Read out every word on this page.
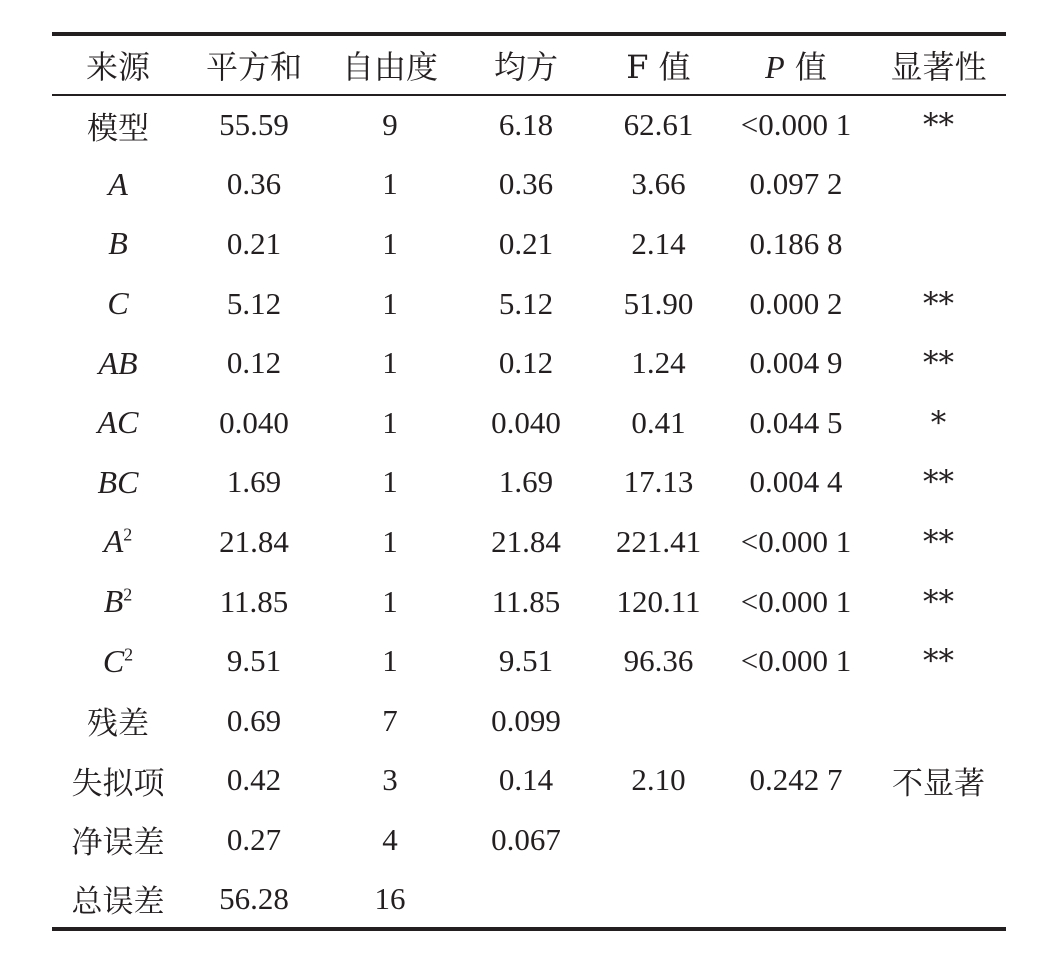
来源	平方和	自由度	均方	F 值	P 值	显著性
模型	55.59	9	6.18	62.61	<0.000 1	**
A	0.36	1	0.36	3.66	0.097 2	
B	0.21	1	0.21	2.14	0.186 8	
C	5.12	1	5.12	51.90	0.000 2	**
AB	0.12	1	0.12	1.24	0.004 9	**
AC	0.040	1	0.040	0.41	0.044 5	*
BC	1.69	1	1.69	17.13	0.004 4	**
$A^2$	21.84	1	21.84	221.41	<0.000 1	**
$B^2$	11.85	1	11.85	120.11	<0.000 1	**
$C^2$	9.51	1	9.51	96.36	<0.000 1	**
残差	0.69	7	0.099			
失拟项	0.42	3	0.14	2.10	0.242 7	不显著
净误差	0.27	4	0.067			
总误差	56.28	16				
